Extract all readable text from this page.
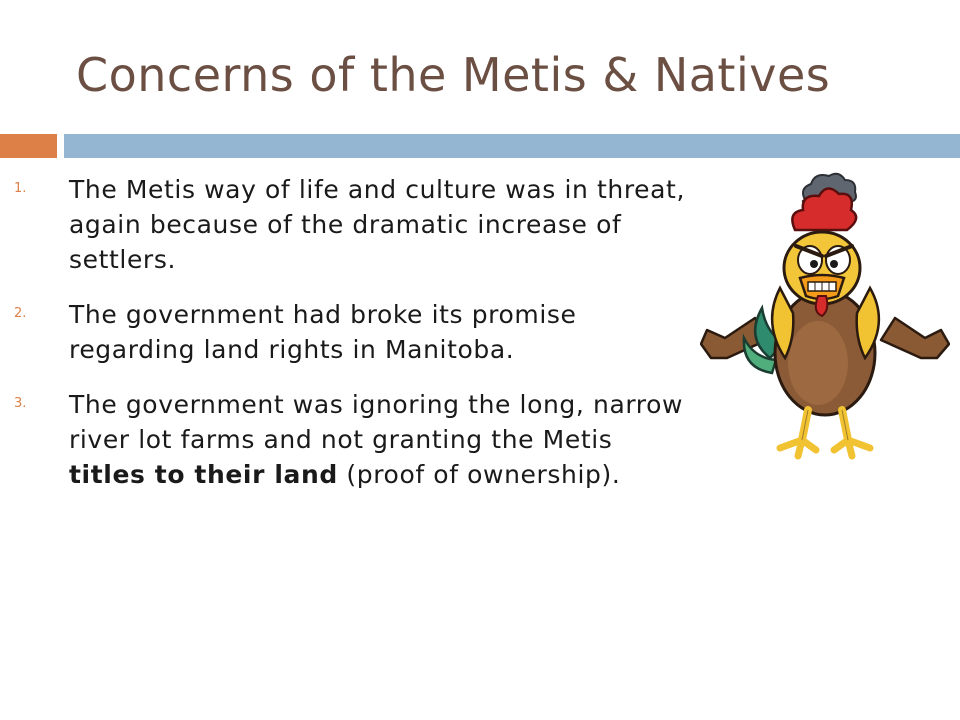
Concerns of the Metis & Natives
1. The Metis way of life and culture was in threat, again because of the dramatic increase of settlers.
2. The government had broke its promise regarding land rights in Manitoba.
3. The government was ignoring the long, narrow river lot farms and not granting the Metis titles to their land (proof of ownership).
